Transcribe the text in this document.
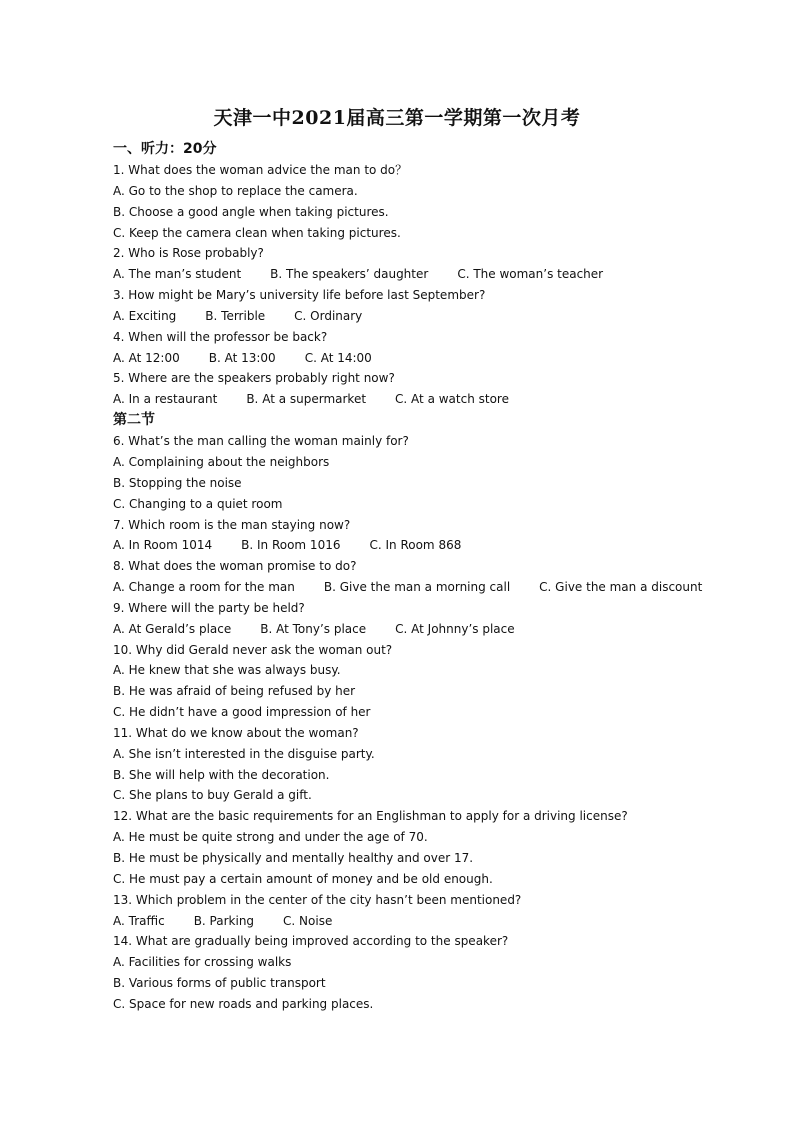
天津一中2021届高三第一学期第一次月考
一、听力：20分
1. What does the woman advice the man to do？
A. Go to the shop to replace the camera.
B. Choose a good angle when taking pictures.
C. Keep the camera clean when taking pictures.
2. Who is Rose probably?
A. The man’s student B. The speakers’ daughter C. The woman’s teacher
3. How might be Mary’s university life before last September?
A. Exciting B. Terrible C. Ordinary
4. When will the professor be back?
A. At 12:00 B. At 13:00 C. At 14:00
5. Where are the speakers probably right now?
A. In a restaurant B. At a supermarket C. At a watch store
第二节
6. What’s the man calling the woman mainly for?
A. Complaining about the neighbors
B. Stopping the noise
C. Changing to a quiet room
7. Which room is the man staying now?
A. In Room 1014 B. In Room 1016 C. In Room 868
8. What does the woman promise to do?
A. Change a room for the man B. Give the man a morning call C. Give the man a discount
9. Where will the party be held?
A. At Gerald’s place B. At Tony’s place C. At Johnny’s place
10. Why did Gerald never ask the woman out?
A. He knew that she was always busy.
B. He was afraid of being refused by her
C. He didn’t have a good impression of her
11. What do we know about the woman?
A. She isn’t interested in the disguise party.
B. She will help with the decoration.
C. She plans to buy Gerald a gift.
12. What are the basic requirements for an Englishman to apply for a driving license?
A. He must be quite strong and under the age of 70.
B. He must be physically and mentally healthy and over 17.
C. He must pay a certain amount of money and be old enough.
13. Which problem in the center of the city hasn’t been mentioned?
A. Traffic B. Parking C. Noise
14. What are gradually being improved according to the speaker?
A. Facilities for crossing walks
B. Various forms of public transport
C. Space for new roads and parking places.
